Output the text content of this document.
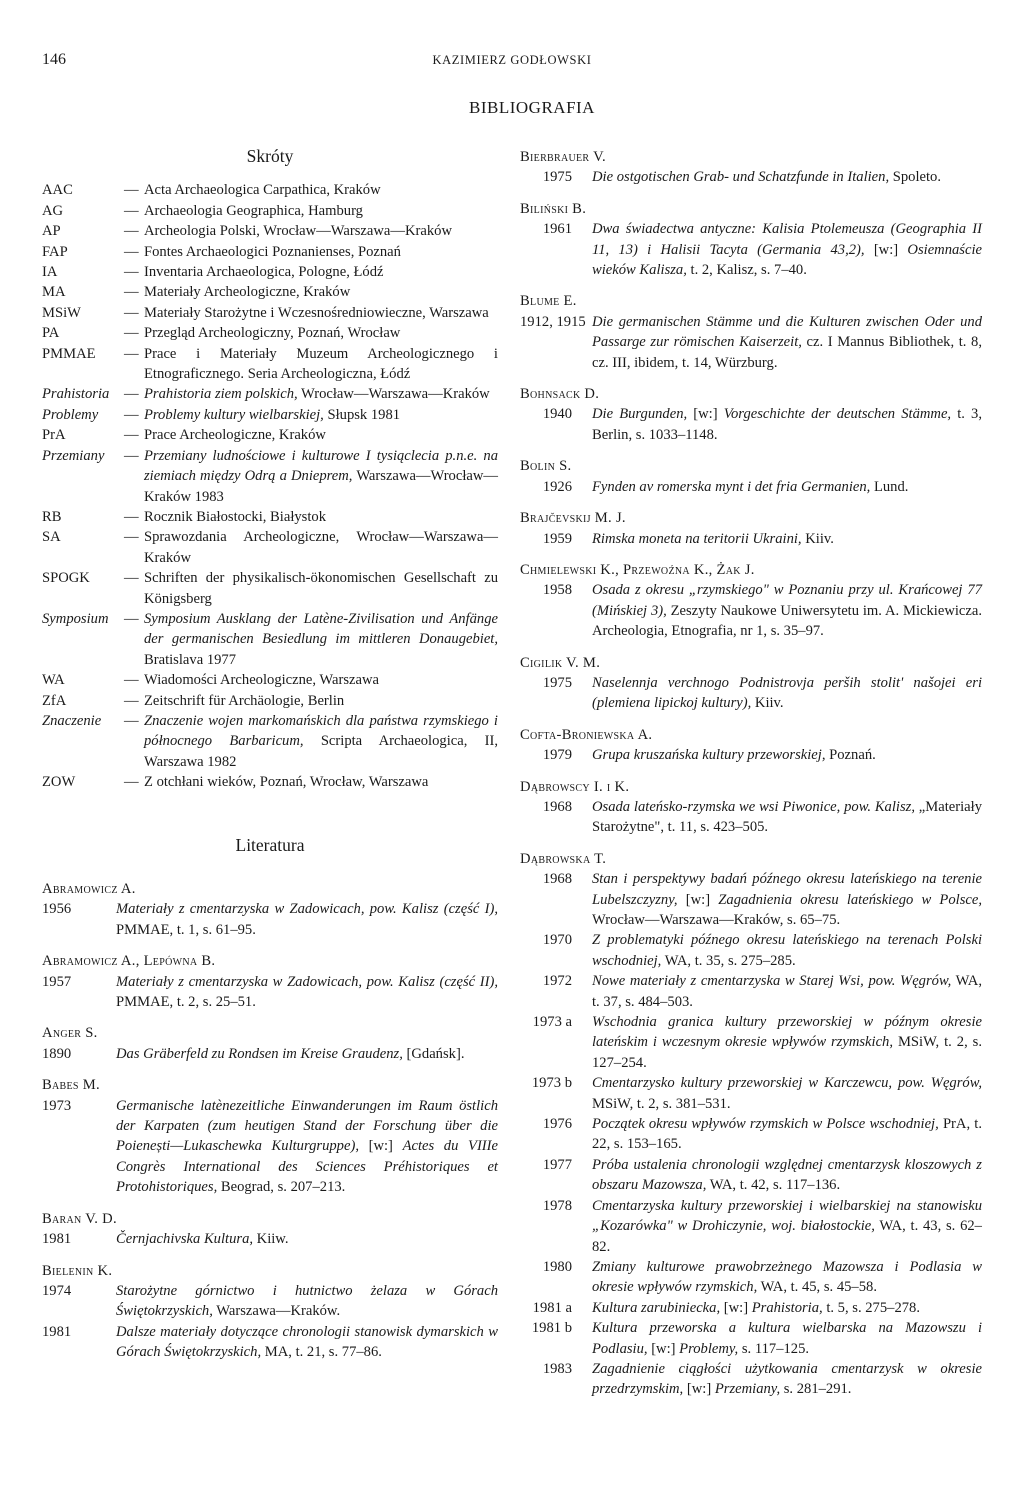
146	KAZIMIERZ GODŁOWSKI
BIBLIOGRAFIA
Skróty
AAC	— Acta Archaeologica Carpathica, Kraków
AG	— Archaeologia Geographica, Hamburg
AP	— Archeologia Polski, Wrocław—Warszawa—Kraków
FAP	— Fontes Archaeologici Poznanienses, Poznań
IA	— Inventaria Archaeologica, Pologne, Łódź
MA	— Materiały Archeologiczne, Kraków
MSiW	— Materiały Starożytne i Wczesnośredniowieczne, Warszawa
PA	— Przegląd Archeologiczny, Poznań, Wrocław
PMMAE	— Prace i Materiały Muzeum Archeologicznego i Etnograficznego. Seria Archeologiczna, Łódź
Prahistoria	— Prahistoria ziem polskich, Wrocław—Warszawa—Kraków
Problemy	— Problemy kultury wielbarskiej, Słupsk 1981
PrA	— Prace Archeologiczne, Kraków
Przemiany	— Przemiany ludnościowe i kulturowe I tysiąclecia p.n.e. na ziemiach między Odrą a Dnieprem, Warszawa—Wrocław—Kraków 1983
RB	— Rocznik Białostocki, Białystok
SA	— Sprawozdania Archeologiczne, Wrocław—Warszawa—Kraków
SPOGK	— Schriften der physikalisch-ökonomischen Gesellschaft zu Königsberg
Symposium	— Symposium Ausklang der Latène-Zivilisation und Anfänge der germanischen Besiedlung im mittleren Donaugebiet, Bratislava 1977
WA	— Wiadomości Archeologiczne, Warszawa
ZfA	— Zeitschrift für Archäologie, Berlin
Znaczenie	— Znaczenie wojen markomańskich dla państwa rzymskiego i północnego Barbaricum, Scripta Archaeologica, II, Warszawa 1982
ZOW	— Z otchłani wieków, Poznań, Wrocław, Warszawa
Literatura
Abramowicz A.
1956	Materiały z cmentarzyska w Zadowicach, pow. Kalisz (część I), PMMAE, t. 1, s. 61–95.
Abramowicz A., Lepówna B.
1957	Materiały z cmentarzyska w Zadowicach, pow. Kalisz (część II), PMMAE, t. 2, s. 25–51.
Anger S.
1890	Das Gräberfeld zu Rondsen im Kreise Graudenz, [Gdańsk].
Babes M.
1973	Germanische latènezeitliche Einwanderungen im Raum östlich der Karpaten (zum heutigen Stand der Forschung über die Poienești—Lukaschewka Kulturgruppe), [w:] Actes du VIIIe Congrès International des Sciences Préhistoriques et Protohistoriques, Beograd, s. 207–213.
Baran V. D.
1981	Černjachivska Kultura, Kiiw.
Bielenin K.
1974	Starożytne górnictwo i hutnictwo żelaza w Górach Świętokrzyskich, Warszawa—Kraków.
1981	Dalsze materiały dotyczące chronologii stanowisk dymarskich w Górach Świętokrzyskich, MA, t. 21, s. 77–86.
Bierbrauer V.
1975	Die ostgotischen Grab- und Schatzfunde in Italien, Spoleto.
Biliński B.
1961	Dwa świadectwa antyczne: Kalisia Ptolemeusza (Geographia II 11, 13) i Halisii Tacyta (Germania 43,2), [w:] Osiemnaście wieków Kalisza, t. 2, Kalisz, s. 7–40.
Blume E.
1912, 1915 Die germanischen Stämme und die Kulturen zwischen Oder und Passarge zur römischen Kaiserzeit, cz. I Mannus Bibliothek, t. 8, cz. III, ibidem, t. 14, Würzburg.
Bohnsack D.
1940	Die Burgunden, [w:] Vorgeschichte der deutschen Stämme, t. 3, Berlin, s. 1033–1148.
Bolin S.
1926	Fynden av romerska mynt i det fria Germanien, Lund.
Brajčevskij M. J.
1959	Rimska moneta na teritorii Ukraini, Kiiv.
Chmielewski K., Przewoźna K., Żak J.
1958	Osada z okresu „rzymskiego" w Poznaniu przy ul. Krańcowej 77 (Mińskiej 3), Zeszyty Naukowe Uniwersytetu im. A. Mickiewicza. Archeologia, Etnografia, nr 1, s. 35–97.
Cigilik V. M.
1975	Naselennja verchnogo Podnistrovja perših stolit' našojei eri (plemiena lipickoj kultury), Kiiv.
Cofta-Broniewska A.
1979	Grupa kruszańska kultury przeworskiej, Poznań.
Dąbrowscy I. i K.
1968	Osada lateńsko-rzymska we wsi Piwonice, pow. Kalisz, „Materiały Starożytne", t. 11, s. 423–505.
Dąbrowska T.
1968	Stan i perspektywy badań późnego okresu lateńskiego na terenie Lubelszczyzny, [w:] Zagadnienia okresu lateńskiego w Polsce, Wrocław—Warszawa—Kraków, s. 65–75.
1970	Z problematyki późnego okresu lateńskiego na terenach Polski wschodniej, WA, t. 35, s. 275–285.
1972	Nowe materiały z cmentarzyska w Starej Wsi, pow. Węgrów, WA, t. 37, s. 484–503.
1973 a	Wschodnia granica kultury przeworskiej w późnym okresie lateńskim i wczesnym okresie wpływów rzymskich, MSiW, t. 2, s. 127–254.
1973 b	Cmentarzysko kultury przeworskiej w Karczewcu, pow. Węgrów, MSiW, t. 2, s. 381–531.
1976	Początek okresu wpływów rzymskich w Polsce wschodniej, PrA, t. 22, s. 153–165.
1977	Próba ustalenia chronologii względnej cmentarzysk kloszowych z obszaru Mazowsza, WA, t. 42, s. 117–136.
1978	Cmentarzyska kultury przeworskiej i wielbarskiej na stanowisku „Kozarówka" w Drohiczynie, woj. białostockie, WA, t. 43, s. 62–82.
1980	Zmiany kulturowe prawobrzeżnego Mazowsza i Podlasia w okresie wpływów rzymskich, WA, t. 45, s. 45–58.
1981 a	Kultura zarubiniecka, [w:] Prahistoria, t. 5, s. 275–278.
1981 b	Kultura przeworska a kultura wielbarska na Mazowszu i Podlasiu, [w:] Problemy, s. 117–125.
1983	Zagadnienie ciągłości użytkowania cmentarzysk w okresie przedrzymskim, [w:] Przemiany, s. 281–291.
